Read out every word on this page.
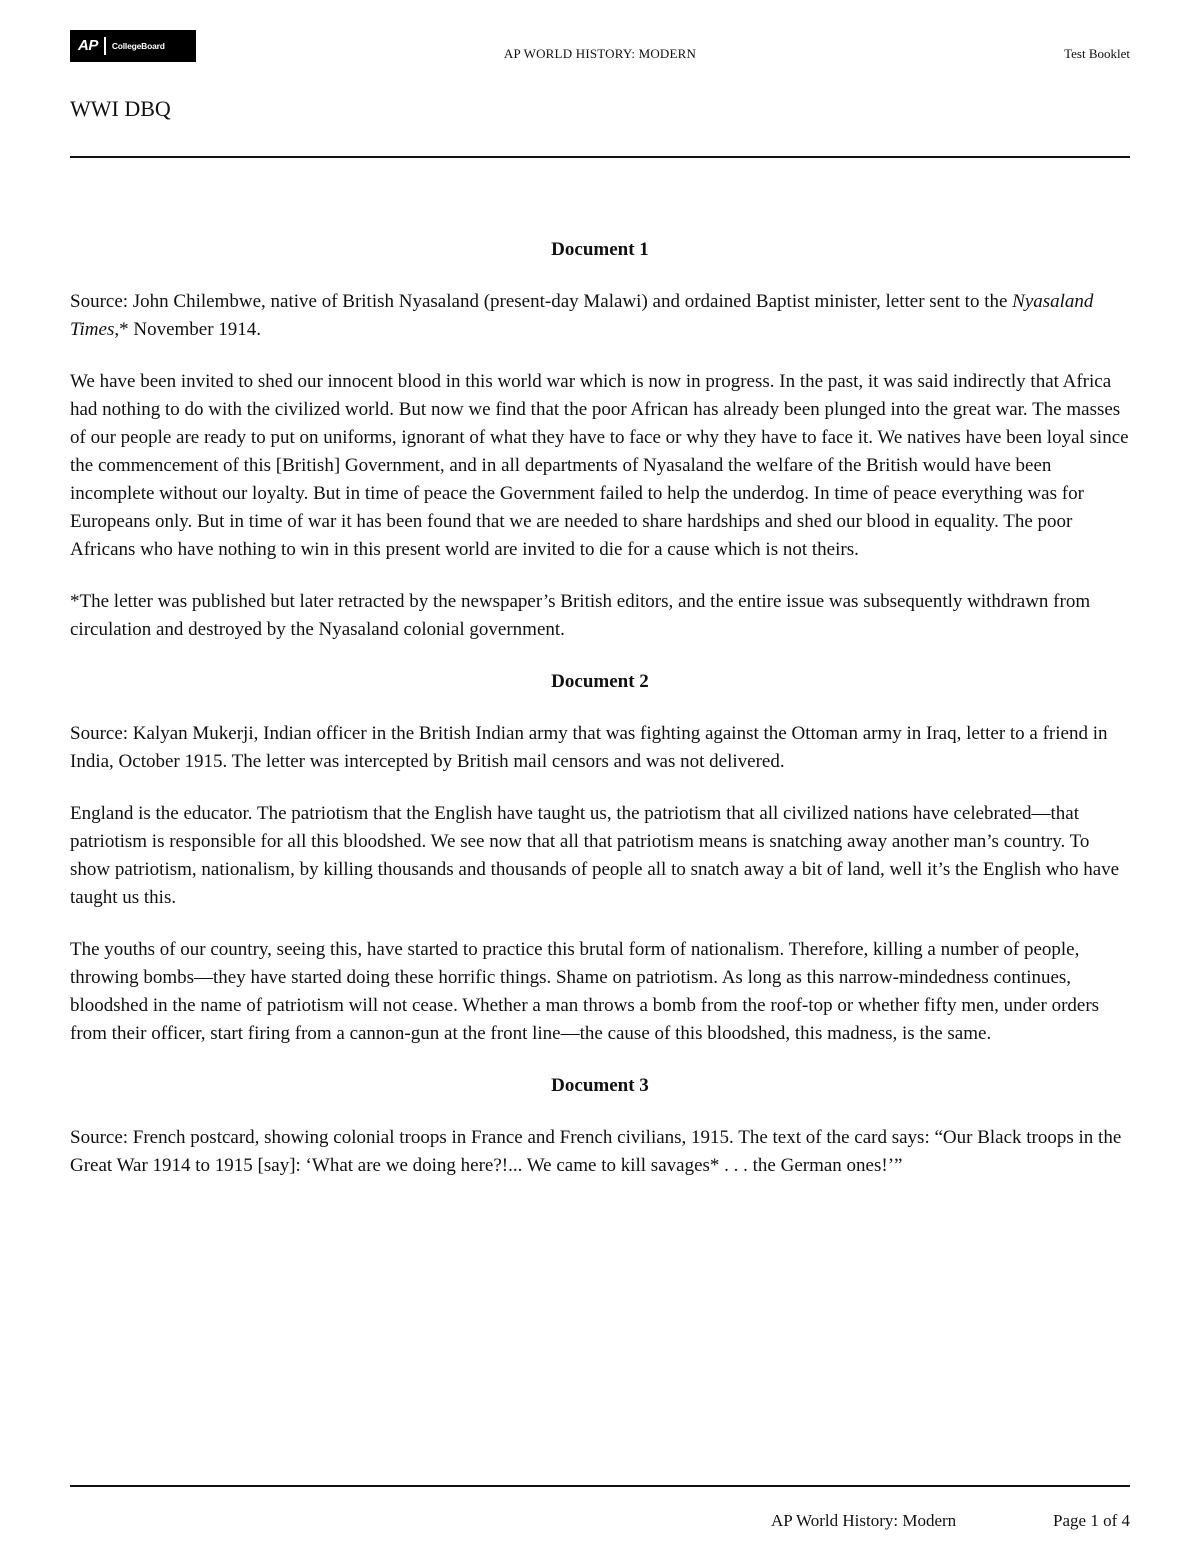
AP	CollegeBoard	AP WORLD HISTORY: MODERN	Test Booklet
WWI DBQ

Document 1

Source: John Chilembwe, native of British Nyasaland (present-day Malawi) and ordained Baptist minister, letter sent to the Nyasaland Times,* November 1914.

We have been invited to shed our innocent blood in this world war which is now in progress. In the past, it was said indirectly that Africa had nothing to do with the civilized world. But now we find that the poor African has already been plunged into the great war. The masses of our people are ready to put on uniforms, ignorant of what they have to face or why they have to face it. We natives have been loyal since the commencement of this [British] Government, and in all departments of Nyasaland the welfare of the British would have been incomplete without our loyalty. But in time of peace the Government failed to help the underdog. In time of peace everything was for Europeans only. But in time of war it has been found that we are needed to share hardships and shed our blood in equality. The poor Africans who have nothing to win in this present world are invited to die for a cause which is not theirs.

*The letter was published but later retracted by the newspaper’s British editors, and the entire issue was subsequently withdrawn from circulation and destroyed by the Nyasaland colonial government.

Document 2

Source: Kalyan Mukerji, Indian officer in the British Indian army that was fighting against the Ottoman army in Iraq, letter to a friend in India, October 1915. The letter was intercepted by British mail censors and was not delivered.

England is the educator. The patriotism that the English have taught us, the patriotism that all civilized nations have celebrated—that patriotism is responsible for all this bloodshed. We see now that all that patriotism means is snatching away another man’s country. To show patriotism, nationalism, by killing thousands and thousands of people all to snatch away a bit of land, well it’s the English who have taught us this.

The youths of our country, seeing this, have started to practice this brutal form of nationalism. Therefore, killing a number of people, throwing bombs—they have started doing these horrific things. Shame on patriotism. As long as this narrow-mindedness continues, bloodshed in the name of patriotism will not cease. Whether a man throws a bomb from the roof-top or whether fifty men, under orders from their officer, start firing from a cannon-gun at the front line—the cause of this bloodshed, this madness, is the same.

Document 3

Source: French postcard, showing colonial troops in France and French civilians, 1915. The text of the card says: “Our Black troops in the Great War 1914 to 1915 [say]: ‘What are we doing here?!... We came to kill savages* . . . the German ones!’”

AP World History: Modern	Page 1 of 4
